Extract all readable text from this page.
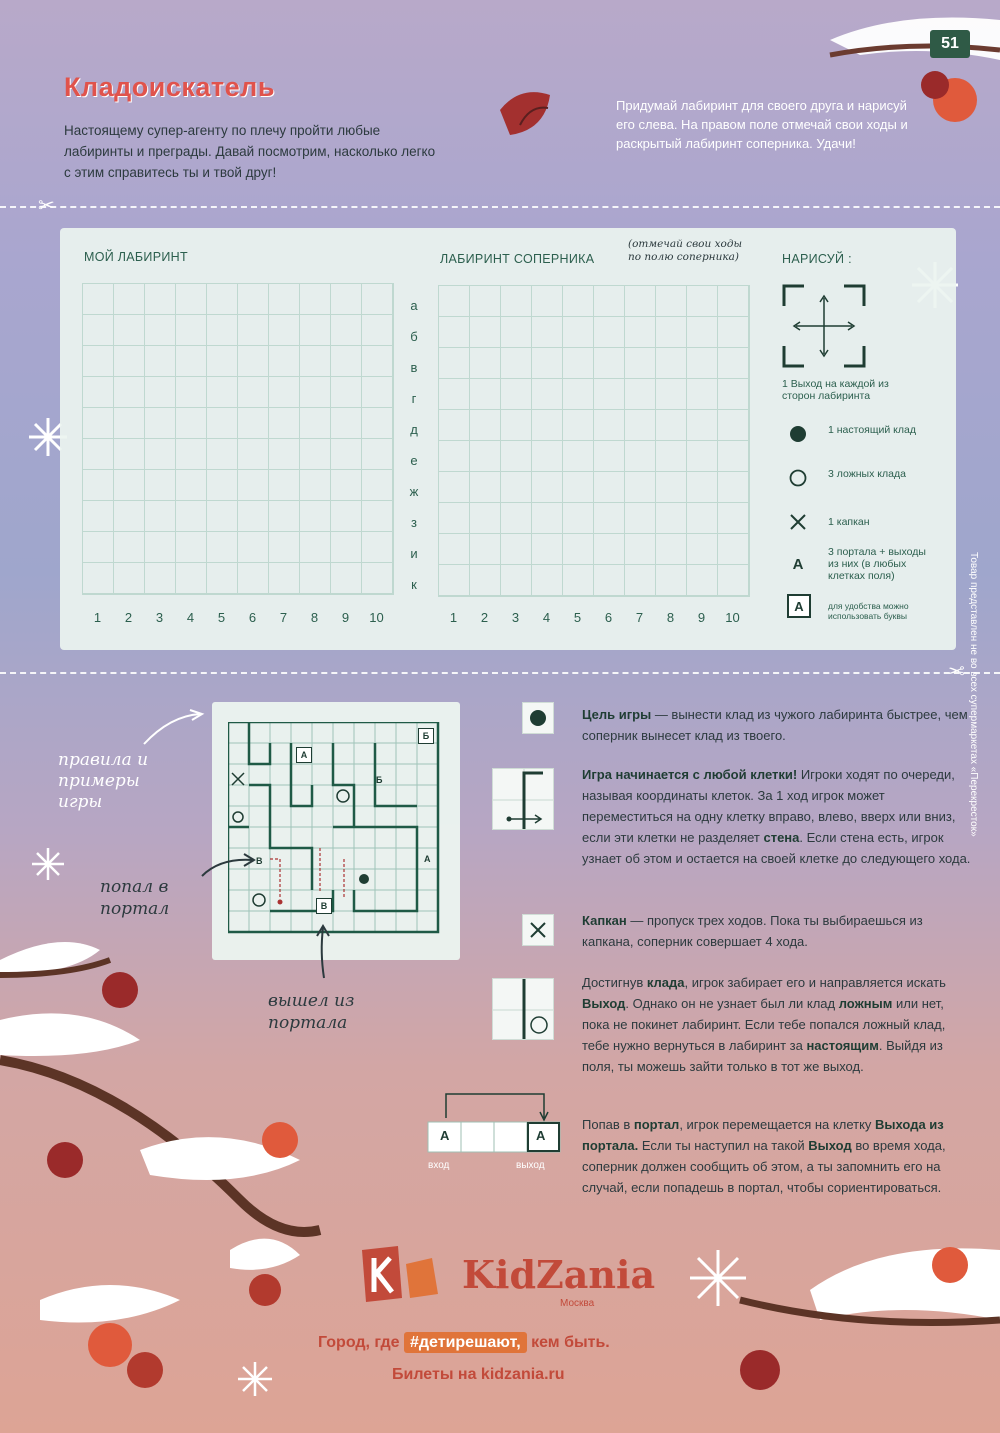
51
Кладоискатель
Настоящему супер-агенту по плечу пройти любые лабиринты и преграды. Давай посмотрим, насколько легко с этим справитесь ты и твой друг!
Придумай лабиринт для своего друга и нарисуй его слева. На правом поле отмечай свои ходы и раскрытый лабиринт соперника. Удачи!
✂
✂
МОЙ ЛАБИРИНТ
1	2	3	4	5	6	7	8	9	10
а
б
в
г
д
е
ж
з
и
к
ЛАБИРИНТ СОПЕРНИКА
(отмечай свои ходы по полю соперника)
1	2	3	4	5	6	7	8	9	10
НАРИСУЙ :
1 Выход на каждой из сторон лабиринта
1 настоящий клад
3 ложных клада
1 капкан
А
3 портала + выходы из них (в любых клетках поля)
А	для удобства можно использовать буквы
А
Б
Б
А
В
В
правила и примеры игры
попал в портал
вышел из портала
А	А
вход	выход
Цель игры — вынести клад из чужого лабиринта быстрее, чем соперник вынесет клад из твоего.
Игра начинается с любой клетки! Игроки ходят по очереди, называя координаты клеток. За 1 ход игрок может переместиться на одну клетку вправо, влево, вверх или вниз, если эти клетки не разделяет стена. Если стена есть, игрок узнает об этом и остается на своей клетке до следующего хода.
Капкан — пропуск трех ходов. Пока ты выбираешься из капкана, соперник совершает 4 хода.
Достигнув клада, игрок забирает его и направляется искать Выход. Однако он не узнает был ли клад ложным или нет, пока не покинет лабиринт. Если тебе попался ложный клад, тебе нужно вернуться в лабиринт за настоящим. Выйдя из поля, ты можешь зайти только в тот же выход.
Попав в портал, игрок перемещается на клетку Выхода из портала. Если ты наступил на такой Выход во время хода, соперник должен сообщить об этом, а ты запомнить его на случай, если попадешь в портал, чтобы сориентироваться.
Товар представлен не во всех супермаркетах «Перекресток»
KidZania
Москва
Город, где #детирешают, кем быть.
Билеты на kidzania.ru
